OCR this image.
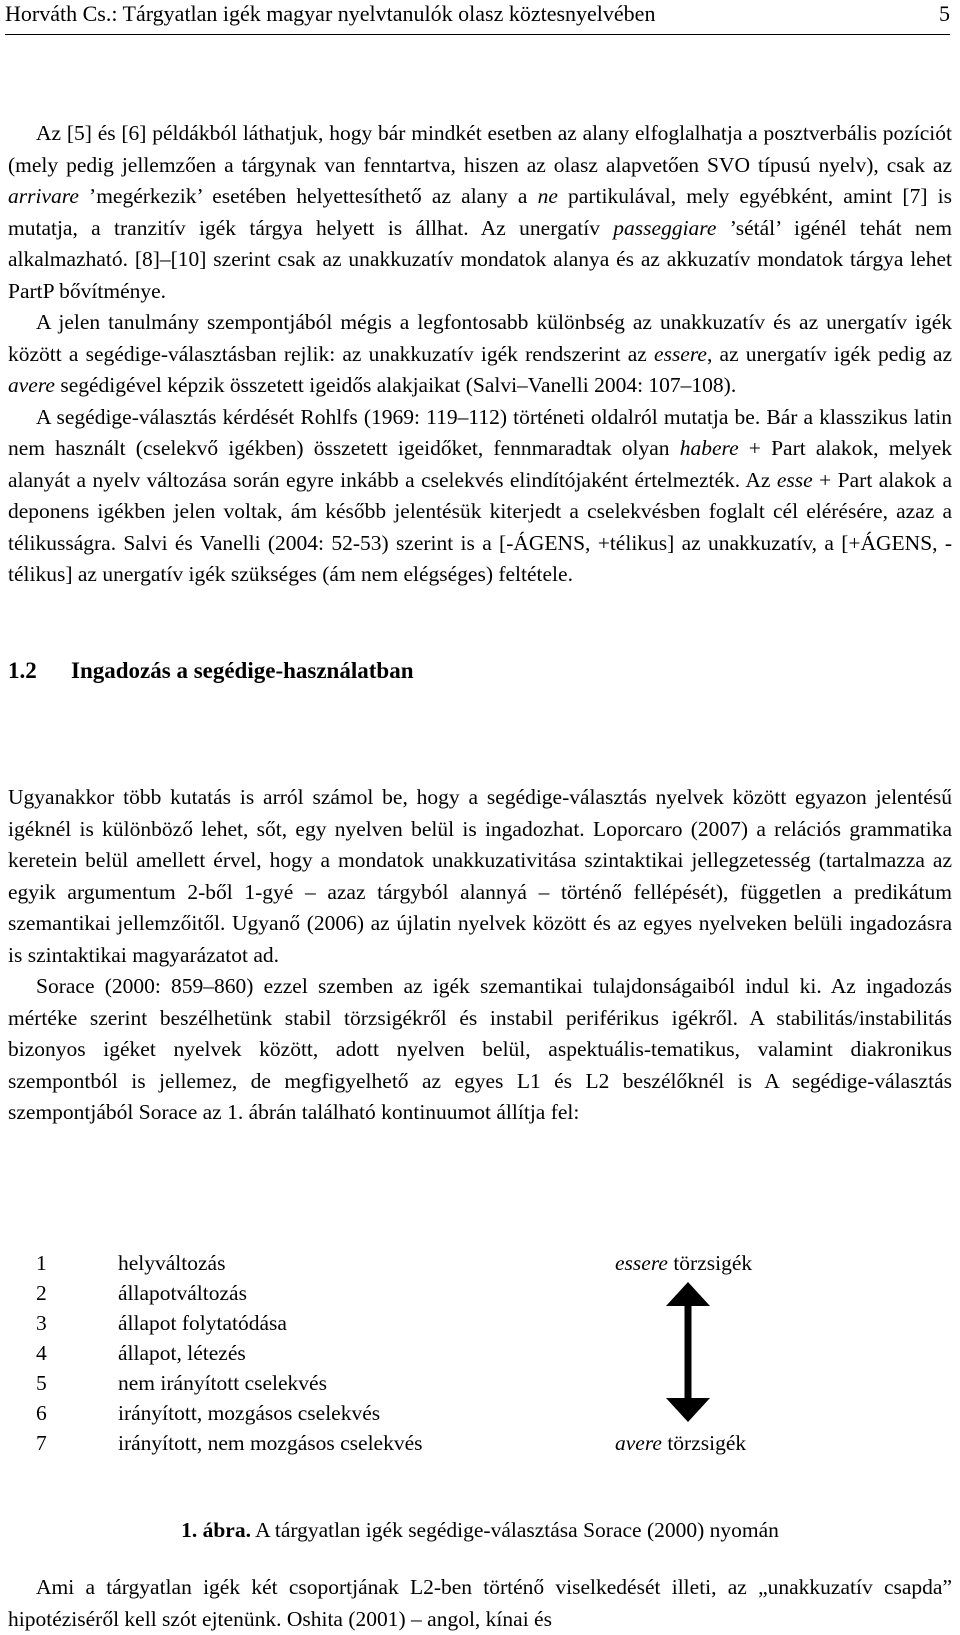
Horváth Cs.: Tárgyatlan igék magyar nyelvtanulók olasz köztesnyelvében	5

Az [5] és [6] példákból láthatjuk, hogy bár mindkét esetben az alany elfoglalhatja a posztverbális pozíciót (mely pedig jellemzően a tárgynak van fenntartva, hiszen az olasz alapvetően SVO típusú nyelv), csak az arrivare ’megérkezik’ esetében helyettesíthető az alany a ne partikulával, mely egyébként, amint [7] is mutatja, a tranzitív igék tárgya helyett is állhat. Az unergatív passeggiare ’sétál’ igénél tehát nem alkalmazható. [8]–[10] szerint csak az unakkuzatív mondatok alanya és az akkuzatív mondatok tárgya lehet PartP bővítménye.

A jelen tanulmány szempontjából mégis a legfontosabb különbség az unakkuzatív és az unergatív igék között a segédige-választásban rejlik: az unakkuzatív igék rendszerint az essere, az unergatív igék pedig az avere segédigével képzik összetett igeidős alakjaikat (Salvi–Vanelli 2004: 107–108).

A segédige-választás kérdését Rohlfs (1969: 119–112) történeti oldalról mutatja be. Bár a klasszikus latin nem használt (cselekvő igékben) összetett igeidőket, fennmaradtak olyan habere + Part alakok, melyek alanyát a nyelv változása során egyre inkább a cselekvés elindítójaként értelmezték. Az esse + Part alakok a deponens igékben jelen voltak, ám később jelentésük kiterjedt a cselekvésben foglalt cél elérésére, azaz a télikusságra. Salvi és Vanelli (2004: 52-53) szerint is a [-ÁGENS, +télikus] az unakkuzatív, a [+ÁGENS, -télikus] az unergatív igék szükséges (ám nem elégséges) feltétele.

1.2 Ingadozás a segédige-használatban

Ugyanakkor több kutatás is arról számol be, hogy a segédige-választás nyelvek között egyazon jelentésű igéknél is különböző lehet, sőt, egy nyelven belül is ingadozhat. Loporcaro (2007) a relációs grammatika keretein belül amellett érvel, hogy a mondatok unakkuzativitása szintaktikai jellegzetesség (tartalmazza az egyik argumentum 2-ből 1-gyé – azaz tárgyból alannyá – történő fellépését), független a predikátum szemantikai jellemzőitől. Ugyanő (2006) az újlatin nyelvek között és az egyes nyelveken belüli ingadozásra is szintaktikai magyarázatot ad.

Sorace (2000: 859–860) ezzel szemben az igék szemantikai tulajdonságaiból indul ki. Az ingadozás mértéke szerint beszélhetünk stabil törzsigékről és instabil perifériku​s igékről. A stabilitás/instabilitás bizonyos igéket nyelvek között, adott nyelven belül, aspektuális-tematikus, valamint diakronikus szempontból is jellemez, de megfigyelhető az egyes L1 és L2 beszélőknél is A segédige-választás szempontjából Sorace az 1. ábrán található kontinuumot állítja fel:

1	helyváltozás
2	állapotváltozás
3	állapot folytatódása
4	állapot, létezés
5	nem irányított cselekvés
6	irányított, mozgásos cselekvés
7	irányított, nem mozgásos cselekvés
essere törzsigék
avere törzsigék
1. ábra. A tárgyatlan igék segédige-választása Sorace (2000) nyomán

Ami a tárgyatlan igék két csoportjának L2-ben történő viselkedését illeti, az „unakkuzatív csapda” hipotéziséről kell szót ejtenünk. Oshita (2001) – angol, kínai és
